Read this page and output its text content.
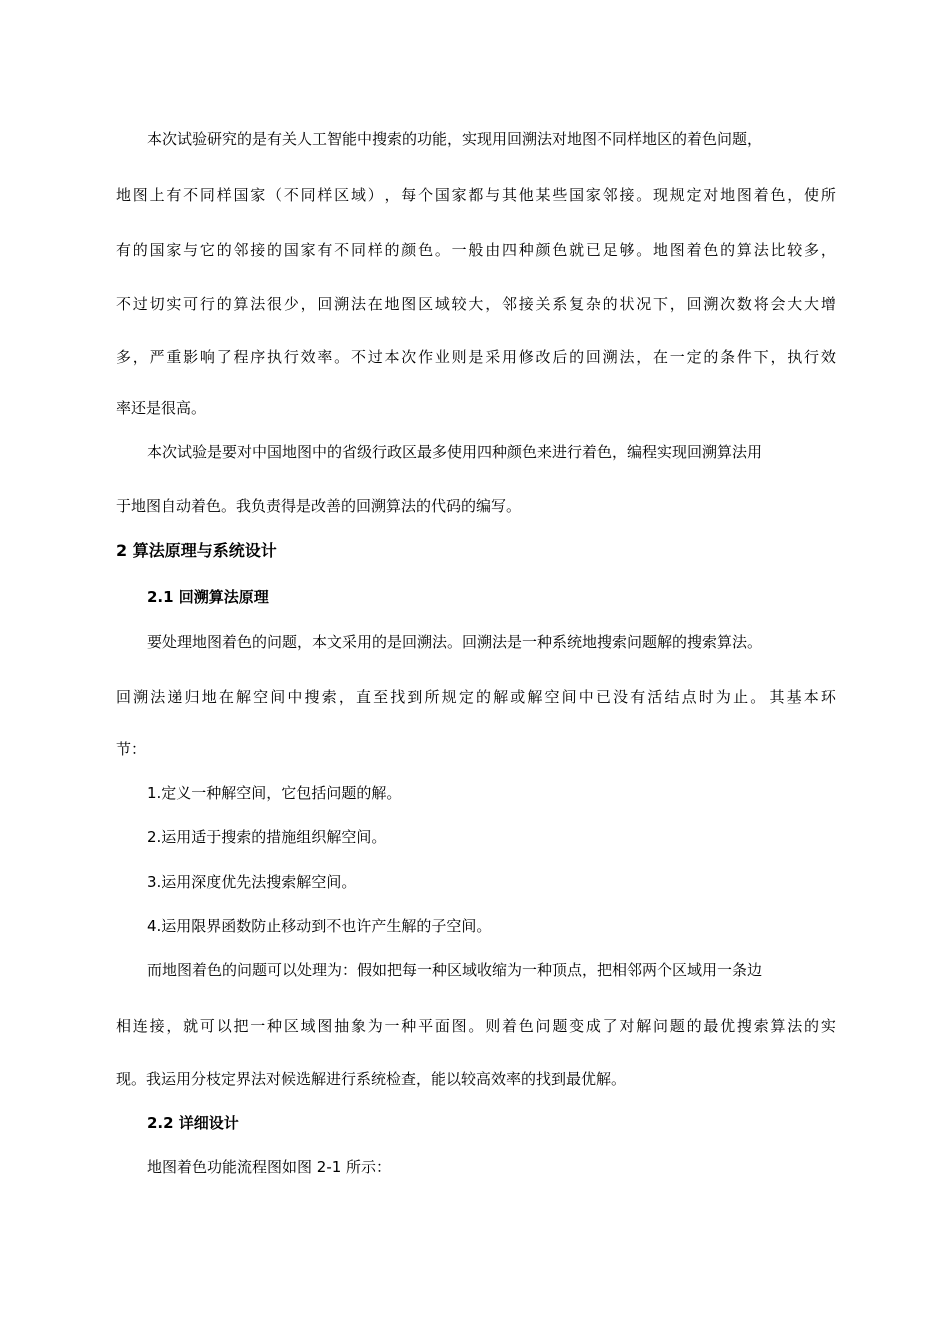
本次试验研究的是有关人工智能中搜索的功能，实现用回溯法对地图不同样地区的着色问题，
地 图 上 有 不 同 样 国 家 （ 不 同 样 区 域 ） ， 每 个 国 家 都 与 其 他 某 些 国 家 邻 接 。 现 规 定 对 地 图 着 色 ， 使 所
有 的 国 家 与 它 的 邻 接 的 国 家 有 不 同 样 的 颜 色 。 一 般 由 四 种 颜 色 就 已 足 够 。 地 图 着 色 的 算 法 比 较 多 ，
不 过 切 实 可 行 的 算 法 很 少 ， 回 溯 法 在 地 图 区 域 较 大 ， 邻 接 关 系 复 杂 的 状 况 下 ， 回 溯 次 数 将 会 大 大 增
多 ， 严 重 影 响 了 程 序 执 行 效 率 。 不 过 本 次 作 业 则 是 采 用 修 改 后 的 回 溯 法 ， 在 一 定 的 条 件 下 ， 执 行 效
率还是很高。
本次试验是要对中国地图中的省级行政区最多使用四种颜色来进行着色，编程实现回溯算法用
于地图自动着色。我负责得是改善的回溯算法的代码的编写。
2 算法原理与系统设计
2.1 回溯算法原理
要处理地图着色的问题，本文采用的是回溯法。回溯法是一种系统地搜索问题解的搜索算法。
回 溯 法 递 归 地 在 解 空 间 中 搜 索 ， 直 至 找 到 所 规 定 的 解 或 解 空 间 中 已 没 有 活 结 点 时 为 止 。 其 基 本 环
节：
1.定义一种解空间，它包括问题的解。
2.运用适于搜索的措施组织解空间。
3.运用深度优先法搜索解空间。
4.运用限界函数防止移动到不也许产生解的子空间。
而地图着色的问题可以处理为：假如把每一种区域收缩为一种顶点，把相邻两个区域用一条边
相 连 接 ， 就 可 以 把 一 种 区 域 图 抽 象 为 一 种 平 面 图 。 则 着 色 问 题 变 成 了 对 解 问 题 的 最 优 搜 索 算 法 的 实
现。我运用分枝定界法对候选解进行系统检查，能以较高效率的找到最优解。
2.2 详细设计
地图着色功能流程图如图 2-1 所示：
